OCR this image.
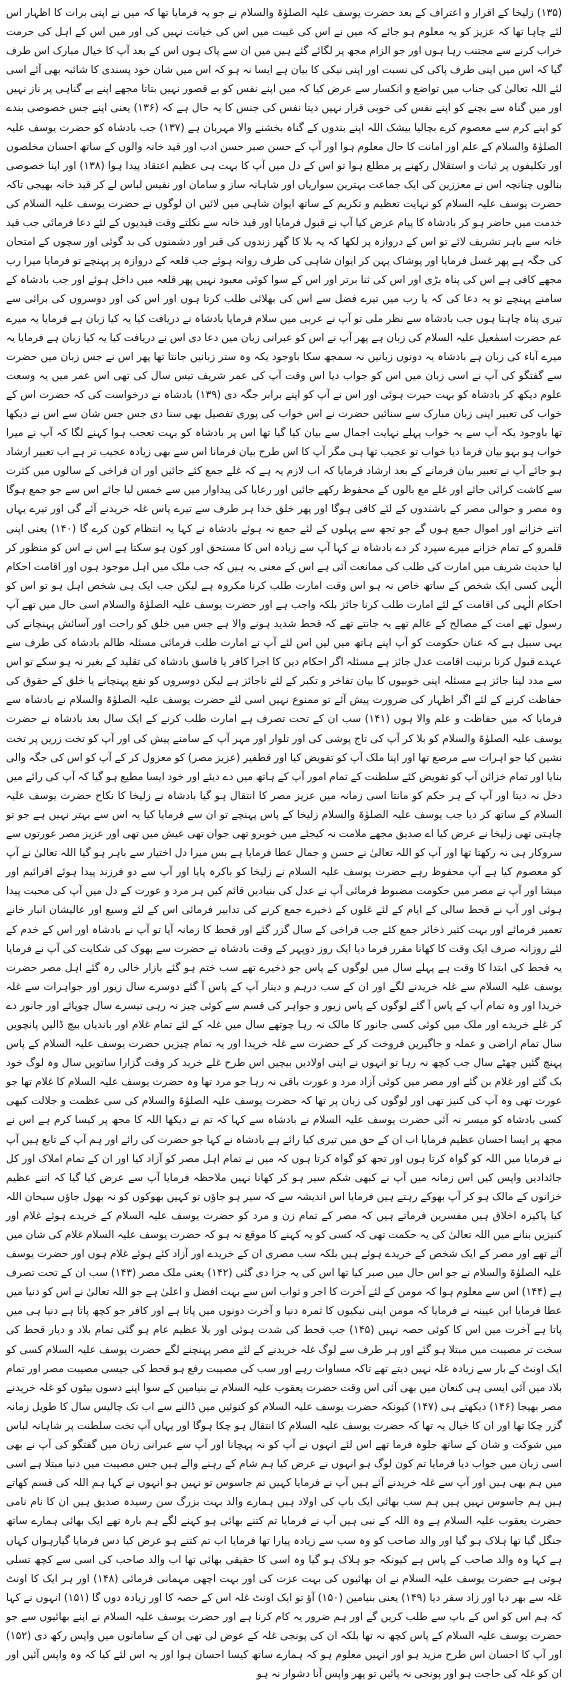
(۱۳۵) زلیخا کے اقرار و اعتراف کے بعد حضرت یوسف علیہ الصلوٰۃ والسلام نے جو یہ فرمایا تھا کہ میں نے اپنی برات کا اظہار اس لئے چاہا تھا کہ عزیز کو یہ معلوم ہو جائے کہ میں نے اس کی غیبت میں اس کی خیانت نہیں کی اور میں اس کے اہل کی حرمت خراب کرنے سے مجتنب رہا ہوں اور جو الزام مجھ پر لگائے گئے ہیں میں ان سے پاک ہوں اس کے بعد آپ کا خیال مبارک اس طرف گیا کہ اس میں اپنی طرف پاکی کی نسبت اور اپنی نیکی کا بیان ہے ایسا نہ ہو کہ اس میں شان خود پسندی کا شائبہ بھی آئے اسی لئے اللہ تعالیٰ کی جناب میں تواضع و انکسار سے عرض کیا کہ میں اپنے نفس کو بے قصور نہیں بتاتا مجھے اپنے بے گناہی پر ناز نہیں اور میں گناہ سے بچنے کو اپنے نفس کی خوبی قرار نہیں دیتا نفس کی جنس کا یہ حال ہے کہ (۱۳۶) یعنی اپنے جس خصوصی بندے کو اپنے کرم سے معصوم کرے بچالیا بیشک اللہ اپنے بندوں کے گناہ بخشنے والا مہربان ہے (۱۳۷) جب بادشاہ کو حضرت یوسف علیہ الصلوٰۃ والسلام کے علم اور امانت کا حال معلوم ہوا اور آپ کے حسن صبر حسن ادب اور قید خانہ والوں کے ساتھ احسان مخلصوں اور تکلیفوں پر ثبات و استقلال رکھنے پر مطلع ہوا تو اس کے دل میں آپ کا بہت ہی عظیم اعتقاد پیدا ہوا (۱۳۸) اور اپنا خصوصی بنالوں چنانچہ اس نے معززین کی ایک جماعت بہترین سواریاں اور شاہانہ ساز و سامان اور نفیس لباس لے کر قید خانہ بھیجی تاکہ حضرت یوسف علیہ السلام کو نہایت تعظیم و تکریم کے ساتھ ایوان شاہی میں لائیں ان لوگوں نے حضرت یوسف علیہ السلام کی خدمت میں حاضر ہو کر بادشاہ کا پیام عرض کیا آپ نے قبول فرمایا اور قید خانہ سے نکلتے وقت قیدیوں کے لئے دعا فرمائی جب قید خانہ سے باہر تشریف لائے تو اس کے دروازہ پر لکھا کہ یہ بلا کا گھر زندوں کی قبر اور دشمنوں کی بد گوئی اور سچوں کے امتحان کی جگہ ہے پھر غسل فرمایا اور پوشاک پہن کر ایوان شاہی کی طرف روانہ ہوئے جب قلعہ کے دروازہ پر پہنچے تو فرمایا میرا رب مجھے کافی ہے اس کی پناہ بڑی اور اس کی ثنا برتر اور اس کے سوا کوئی معبود نہیں پھر قلعہ میں داخل ہوئے اور جب بادشاہ کے سامنے پہنچے تو یہ دعا کی کہ یا رب میں تیرے فضل سے اس کی بھلائی طلب کرتا ہوں اور اس کی اور دوسروں کی برائی سے تیری پناہ چاہتا ہوں جب بادشاہ سے نظر ملی تو آپ نے عربی میں سلام فرمایا بادشاہ نے دریافت کیا یہ کیا زبان ہے فرمایا یہ میرے عم حضرت اسمٰعیل علیہ السلام کی زبان ہے پھر آپ نے اس کو عبرانی زبان میں دعا دی اس نے دریافت کیا یہ کیا زبان ہے فرمایا یہ میرے آباء کی زبان ہے بادشاہ یہ دونوں زبانیں نہ سمجھ سکا باوجود یکہ وہ ستر زبانیں جانتا تھا پھر اس نے جس زبان میں حضرت سے گفتگو کی آپ نے اسی زبان میں اس کو جواب دیا اس وقت آپ کی عمر شریف تیس سال کی تھی اس عمر میں یہ وسعت علوم دیکھ کر بادشاہ کو بہت حیرت ہوئی اور اس نے آپ کو اپنے برابر جگہ دی (۱۳۹) بادشاہ نے درخواست کی کہ حضرت اس کے خواب کی تعبیر اپنی زبان مبارک سے سنائیں حضرت نے اس خواب کی پوری تفصیل بھی سنا دی جس جس شان سے اس نے دیکھا تھا باوجود یکہ آپ سے یہ خواب پہلے نہایت اجمال سے بیان کیا گیا تھا اس پر بادشاہ کو بہت تعجب ہوا کہنے لگا کہ آپ نے میرا خواب ہو بہو بیان فرما دیا خواب تو عجیب تھا ہی مگر آپ کا اس طرح بیان فرمانا اس سے بھی زیادہ عجیب تر ہے اب تعبیر ارشاد ہو جائے آپ نے تعبیر بیان فرمانے کے بعد ارشاد فرمایا کہ اب لازم یہ ہے کہ غلے جمع کئے جائیں اور ان فراخی کے سالوں میں کثرت سے کاشت کرائی جائے اور غلے مع بالوں کے محفوظ رکھے جائیں اور رعایا کی پیداوار میں سے خمس لیا جائے اس سے جو جمع ہوگا وہ مصر و حوالی مصر کے باشندوں کے لئے کافی ہوگا اور پھر خلق خدا ہر طرف سے تیرے پاس غلہ خریدنے آئے گی اور تیرے یہاں اتنے خزانے اور اموال جمع ہوں گے جو تجھ سے پہلوں کے لئے جمع نہ ہوئے بادشاہ نے کہا یہ انتظام کون کرے گا (۱۴۰) یعنی اپنی قلمرو کے تمام خزانے میرے سپرد کر دے بادشاہ نے کہا آپ سے زیادہ اس کا مستحق اور کون ہو سکتا ہے اس نے اس کو منظور کر لیا حدیث شریف میں امارت کی طلب کی ممانعت آئی ہے اس کے معنی یہ ہیں کہ جب ملک میں اہل موجود ہوں اور اقامت احکام الٰہی کسی ایک شخص کے ساتھ خاص نہ ہو اس وقت امارت طلب کرنا مکروہ ہے لیکن جب ایک ہی شخص اہل ہو تو اس کو احکام الٰہی کی اقامت کے لئے امارت طلب کرنا جائز بلکہ واجب ہے اور حضرت یوسف علیہ الصلوٰۃ والسلام اسی حال میں تھے آپ رسول تھے امت کے مصالح کے عالم تھے یہ جانتے تھے کہ قحط شدید ہونے والا ہے جس میں خلق کو راحت اور آسائش پہنچانے کی یہی سبیل ہے کہ عنان حکومت کو آپ اپنے ہاتھ میں لیں اس لئے آپ نے امارت طلب فرمائی مسئلہ ظالم بادشاہ کی طرف سے عہدے قبول کرنا برنیت اقامت عدل جائز ہے مسئلہ اگر احکام دین کا اجرا کافر یا فاسق بادشاہ کی تقلید کے بغیر نہ ہو سکے تو اس سے مدد لینا جائز ہے مسئلہ اپنی خوبیوں کا بیان تفاخر و تکبر کے لئے ناجائز ہے لیکن دوسروں کو نفع پہنچانے یا خلق کے حقوق کی حفاظت کرنے کے لئے اگر اظہار کی ضرورت پیش آئے تو ممنوع نہیں اسی لئے حضرت یوسف علیہ الصلوٰۃ والسلام نے بادشاہ سے فرمایا کہ میں حفاظت و علم والا ہوں (۱۴۱) سب ان کے تحت تصرف ہے امارت طلب کرنے کے ایک سال بعد بادشاہ نے حضرت یوسف علیہ الصلوٰۃ والسلام کو بلا کر آپ کی تاج پوشی کی اور تلوار اور مہر آپ کے سامنے پیش کی اور آپ کو تخت زریں پر تخت نشین کیا جو اہرات سے مرصع تھا اور اپنا ملک آپ کو تفویض کیا اور قطفیر (عزیز مصر) کو معزول کر کے آپ کو اس کی جگہ والی بنایا اور تمام خزائن آپ کو تفویض کئے سلطنت کے تمام امور آپ کے ہاتھ میں دے دیئے اور خود ایسا مطیع ہو گیا کہ آپ کی رائے میں دخل نہ دیتا اور آپ کے ہر حکم کو مانتا اسی زمانہ میں عزیز مصر کا انتقال ہو گیا بادشاہ نے زلیخا کا نکاح حضرت یوسف علیہ السلام کے ساتھ کر دیا جب یوسف علیہ الصلوٰۃ والسلام زلیخا کے پاس پہنچے تو ان سے فرمایا کیا یہ اس سے بہتر نہیں ہے جو تو چاہتی تھی زلیخا نے عرض کیا اے صدیق مجھے ملامت نہ کیجئے میں خوبرو تھی جوان تھی عیش میں تھی اور عزیز مصر عورتوں سے سروکار ہی نہ رکھتا تھا اور آپ کو اللہ تعالیٰ نے حسن و جمال عطا فرمایا ہے بس میرا دل اختیار سے باہر ہو گیا اللہ تعالیٰ نے آپ کو معصوم کیا ہے آپ محفوظ رہے حضرت یوسف علیہ السلام نے زلیخا کو باکرہ پایا اور آپ سے دو فرزند پیدا ہوئے افرائیم اور میشا اور آپ نے مصر میں حکومت مضبوط فرمائی آپ نے عدل کی بنیادیں قائم کیں ہر مرد و عورت کے دل میں آپ کی محبت پیدا ہوئی اور آپ نے قحط سالی کے ایام کے لئے غلوں کے ذخیرے جمع کرنے کی تدابیر فرمائی اس کے لئے وسیع اور عالیشان انبار خانے تعمیر فرمائے اور بہت کثیر ذخائر جمع کئے جب فراخی کے سال گزر گئے اور قحط کا زمانہ آیا تو آپ نے بادشاہ اور اس کے خدم کے لئے روزانہ صرف ایک وقت کا کھانا مقرر فرما دیا ایک روز دوپہر کے وقت بادشاہ نے حضرت سے بھوک کی شکایت کی آپ نے فرمایا یہ قحط کی ابتدا کا وقت ہے پہلے سال میں لوگوں کے پاس جو ذخیرے تھے سب ختم ہو گئے بازار خالی رہ گئے اہل مصر حضرت یوسف علیہ السلام سے غلہ خریدنے لگے اور ان کے سب درہم و دینار آپ کے پاس آ گئے دوسرے سال زیور اور جواہرات سے غلہ خریدا اور وہ تمام آپ کے پاس آ گئے لوگوں کے پاس زیور و جواہر کی قسم سے کوئی چیز نہ رہی تیسرے سال چوپائے اور جانور دے کر غلے خریدے اور ملک میں کوئی کسی جانور کا مالک نہ رہا چوتھے سال میں غلہ کے لئے تمام غلام اور باندیاں بیچ ڈالیں پانچویں سال تمام اراضی و عملہ و جاگیریں فروخت کر کے حضرت سے غلہ خریدا اور یہ تمام چیزیں حضرت یوسف علیہ السلام کے پاس پہنچ گئیں چھٹے سال جب کچھ نہ رہا تو انہوں نے اپنی اولادیں بیچیں اس طرح غلے خرید کر وقت گزارا ساتویں سال وہ لوگ خود بک گئے اور غلام بن گئے اور مصر میں کوئی آزاد مرد و عورت باقی نہ رہا جو مرد تھا وہ حضرت یوسف علیہ السلام کا غلام تھا جو عورت تھی وہ آپ کی کنیز تھی اور لوگوں کی زبان پر تھا کہ حضرت یوسف علیہ الصلوٰۃ والسلام کی سی عظمت و جلالت کبھی کسی بادشاہ کو میسر نہ آئی حضرت یوسف علیہ السلام نے بادشاہ سے کہا کہ تم نے دیکھا اللہ کا مجھ پر کیسا کرم ہے اس نے مجھ پر ایسا احسان عظیم فرمایا اب ان کے حق میں تیری کیا رائے ہے بادشاہ نے کہا جو حضرت کی رائے اور ہم آپ کے تابع ہیں آپ نے فرمایا میں اللہ کو گواہ کرتا ہوں اور تجھ کو گواہ کرتا ہوں کہ میں نے تمام اہل مصر کو آزاد کیا اور ان کے تمام املاک اور کل جائدادیں واپس کیں اس زمانہ میں آپ نے کبھی شکم سیر ہو کر کھانا نہیں ملاحظہ فرمایا آپ سے عرض کیا گیا کہ اتنے عظیم خزانوں کے مالک ہو کر آپ بھوکے رہتے ہیں فرمایا اس اندیشہ سے کہ سیر ہو جاؤں تو کہیں بھوکوں کو نہ بھول جاؤں سبحان اللہ کیا پاکیزہ اخلاق ہیں مفسرین فرماتے ہیں کہ مصر کے تمام زن و مرد کو حضرت یوسف علیہ السلام کے خریدے ہوئے غلام اور کنیزیں بنانے میں اللہ تعالیٰ کی یہ حکمت تھی کہ کسی کو یہ کہنے کا موقع نہ ہو کہ حضرت یوسف علیہ السلام غلام کی شان میں آئے تھے اور مصر کے ایک شخص کے خریدے ہوئے ہیں بلکہ سب مصری ان کے خریدے اور آزاد کئے ہوئے غلام ہوں اور حضرت یوسف علیہ الصلوٰۃ والسلام نے جو اس حال میں صبر کیا تھا اس کی یہ جزا دی گئی (۱۴۲) یعنی ملک مصر (۱۴۳) سب ان کے تحت تصرف ہے (۱۴۴) اس سے معلوم ہوا کہ مومن کے لئے آخرت کا اجر و ثواب اس سے بہت افضل و اعلیٰ ہے جو اللہ تعالیٰ نے اس کو دنیا میں عطا فرمایا ابن عیینہ نے فرمایا کہ مومن اپنی نیکیوں کا ثمرہ دنیا و آخرت دونوں میں پاتا ہے اور کافر جو کچھ پاتا ہے دنیا ہی میں پاتا ہے آخرت میں اس کا کوئی حصہ نہیں (۱۴۵) جب قحط کی شدت ہوئی اور بلا عظیم عام ہو گئی تمام بلاد و دیار قحط کی سخت تر مصیبت میں مبتلا ہو گئے اور ہر طرف سے لوگ غلہ خریدنے کے لئے مصر پہنچنے لگے حضرت یوسف علیہ السلام کسی کو ایک اونٹ کے بار سے زیادہ غلہ نہیں دیتے تھے تاکہ مساوات رہے اور سب کی مصیبت رفع ہو قحط کی جیسی مصیبت مصر اور تمام بلاد میں آئی ایسی ہی کنعان میں بھی آئی اس وقت حضرت یعقوب علیہ السلام نے بنیامین کے سوا اپنے دسوں بیٹوں کو غلہ خریدنے مصر بھیجا (۱۴۶) دیکھتے ہی (۱۴۷) کیونکہ حضرت یوسف علیہ السلام کو کنوئیں میں ڈالنے سے اب تک چالیس سال کا طویل زمانہ گزر چکا تھا اور ان کا خیال یہ تھا کہ حضرت یوسف علیہ السلام کا انتقال ہو چکا ہوگا اور یہاں آپ تخت سلطنت پر شاہانہ لباس میں شوکت و شان کے ساتھ جلوہ فرما تھے اس لئے انہوں نے آپ کو نہ پہچانا اور آپ سے عبرانی زبان میں گفتگو کی آپ نے بھی اسی زبان میں جواب دیا فرمایا تم کون لوگ ہو انہوں نے عرض کیا ہم شام کے رہنے والے ہیں جس مصیبت میں دنیا مبتلا ہے اسی میں ہم بھی ہیں اور آپ سے غلہ خریدنے آئے ہیں آپ نے فرمایا کہیں تم جاسوس تو نہیں ہو انہوں نے کہا ہم اللہ کی قسم کھاتے ہیں ہم جاسوس نہیں ہیں ہم سب بھائی ایک باپ کی اولاد ہیں ہمارے والد بہت بزرگ سن رسیدہ صدیق ہیں ان کا نام نامی حضرت یعقوب علیہ السلام ہے وہ اللہ کے نبی ہیں آپ نے فرمایا تم کتنے بھائی ہو کہنے لگے ہم بارہ تھے ایک بھائی ہمارے ساتھ جنگل گیا تھا ہلاک ہو گیا اور والد صاحب کو وہ سب سے زیادہ پیارا تھا فرمایا اب تم کتنے ہو عرض کیا دس فرمایا گیارہواں کہاں ہے کہا وہ والد صاحب کے پاس ہے کیونکہ جو ہلاک ہو گیا وہ اسی کا حقیقی بھائی تھا اب والد صاحب کی اسی سے کچھ تسلی ہوتی ہے حضرت یوسف علیہ السلام نے ان بھائیوں کی بہت عزت کی اور بہت اچھی مہمانی فرمائی (۱۴۸) اور ہر ایک کا اونٹ غلہ سے بھر دیا اور زاد سفر دیا (۱۴۹) یعنی بنیامین (۱۵۰) آؤ تو ایک اونٹ غلہ اس کے حصہ کا اور زیادہ دوں گا (۱۵۱) انہوں نے کہا کہ ہم اس کو اس کے باپ سے طلب کریں گے اور ہم ضرور یہ کام کرنا ہے اور حضرت یوسف علیہ السلام نے اپنے بھائیوں سے جو حضرت یوسف علیہ السلام کے پاس کچھ نہ تھا بلکہ ان کی پونجی غلہ کے عوض لی تھی ان کے سامانوں میں واپس رکھ دی (۱۵۲) اور آپ کا احسان اس طرح مزید ہو اور انہیں معلوم ہو کہ ہمارے ساتھ کیسا احسان ہوا اور یہ اس لئے کیا کہ وہ واپس آئیں اور ان کو غلہ کی حاجت ہو اور پونجی نہ پائیں تو پھر واپس آنا دشوار نہ ہو
